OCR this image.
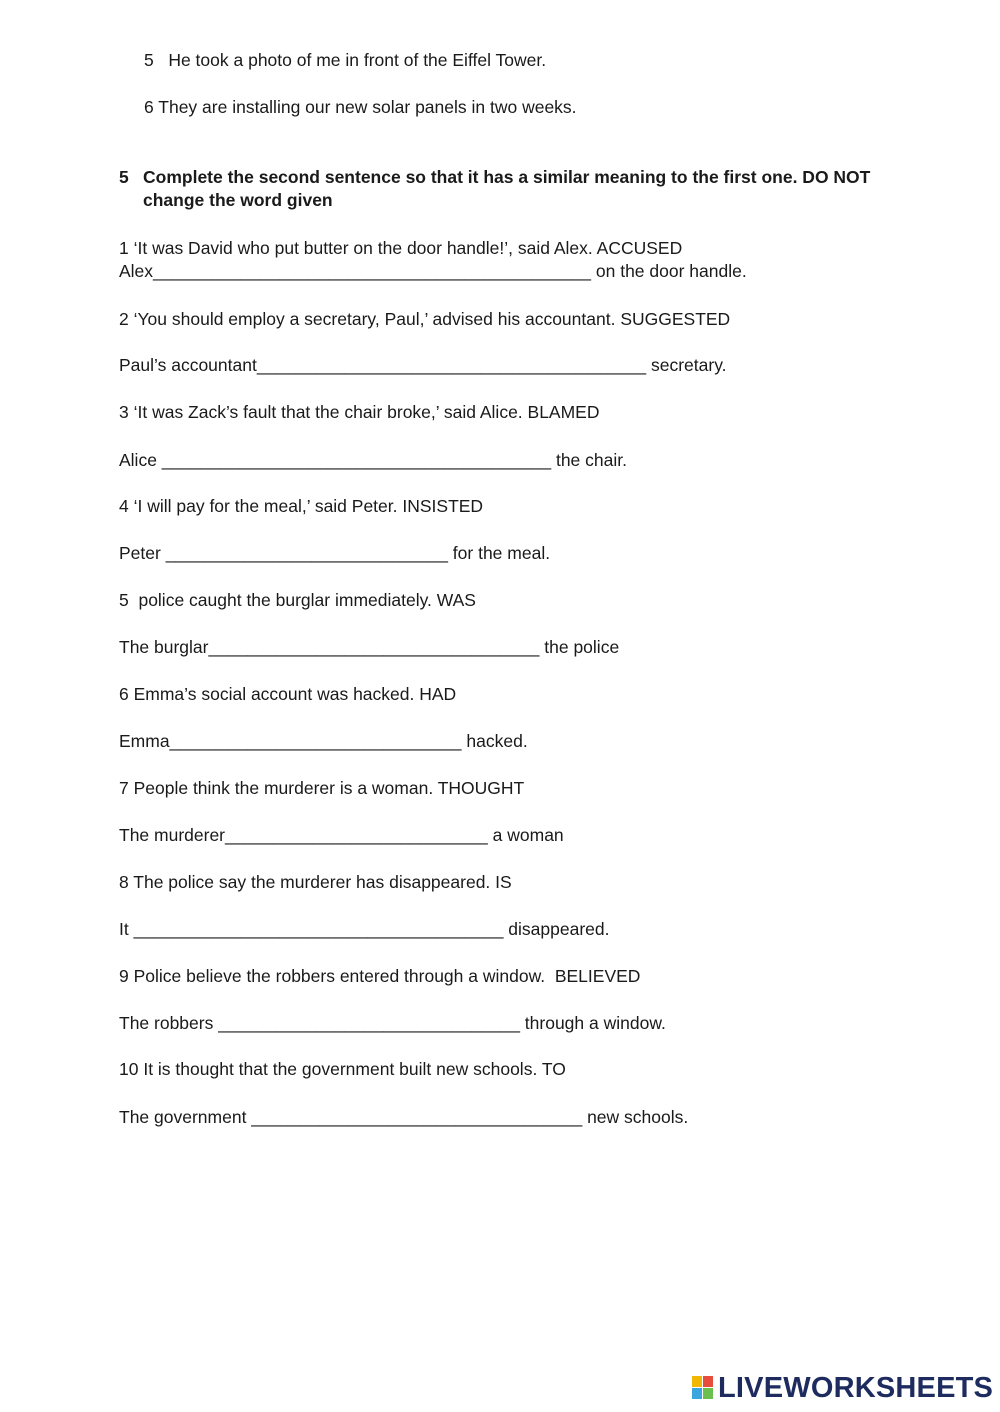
5   He took a photo of me in front of the Eiffel Tower.

6 They are installing our new solar panels in two weeks.

5 Complete the second sentence so that it has a similar meaning to the first one. DO NOT change the word given

1 ‘It was David who put butter on the door handle!’, said Alex. ACCUSED

Alex_____________________________________________ on the door handle.

2 ‘You should employ a secretary, Paul,’ advised his accountant. SUGGESTED

Paul’s accountant________________________________________ secretary.

3 ‘It was Zack’s fault that the chair broke,’ said Alice. BLAMED

Alice ________________________________________ the chair.

4 ‘I will pay for the meal,’ said Peter. INSISTED

Peter _____________________________ for the meal.

5  police caught the burglar immediately. WAS

The burglar__________________________________ the police

6 Emma’s social account was hacked. HAD

Emma______________________________ hacked.

7 People think the murderer is a woman. THOUGHT

The murderer___________________________ a woman

8 The police say the murderer has disappeared. IS

It ______________________________________ disappeared.

9 Police believe the robbers entered through a window.  BELIEVED

The robbers _______________________________ through a window.

10 It is thought that the government built new schools. TO

The government __________________________________ new schools.

LIVEWORKSHEETS
